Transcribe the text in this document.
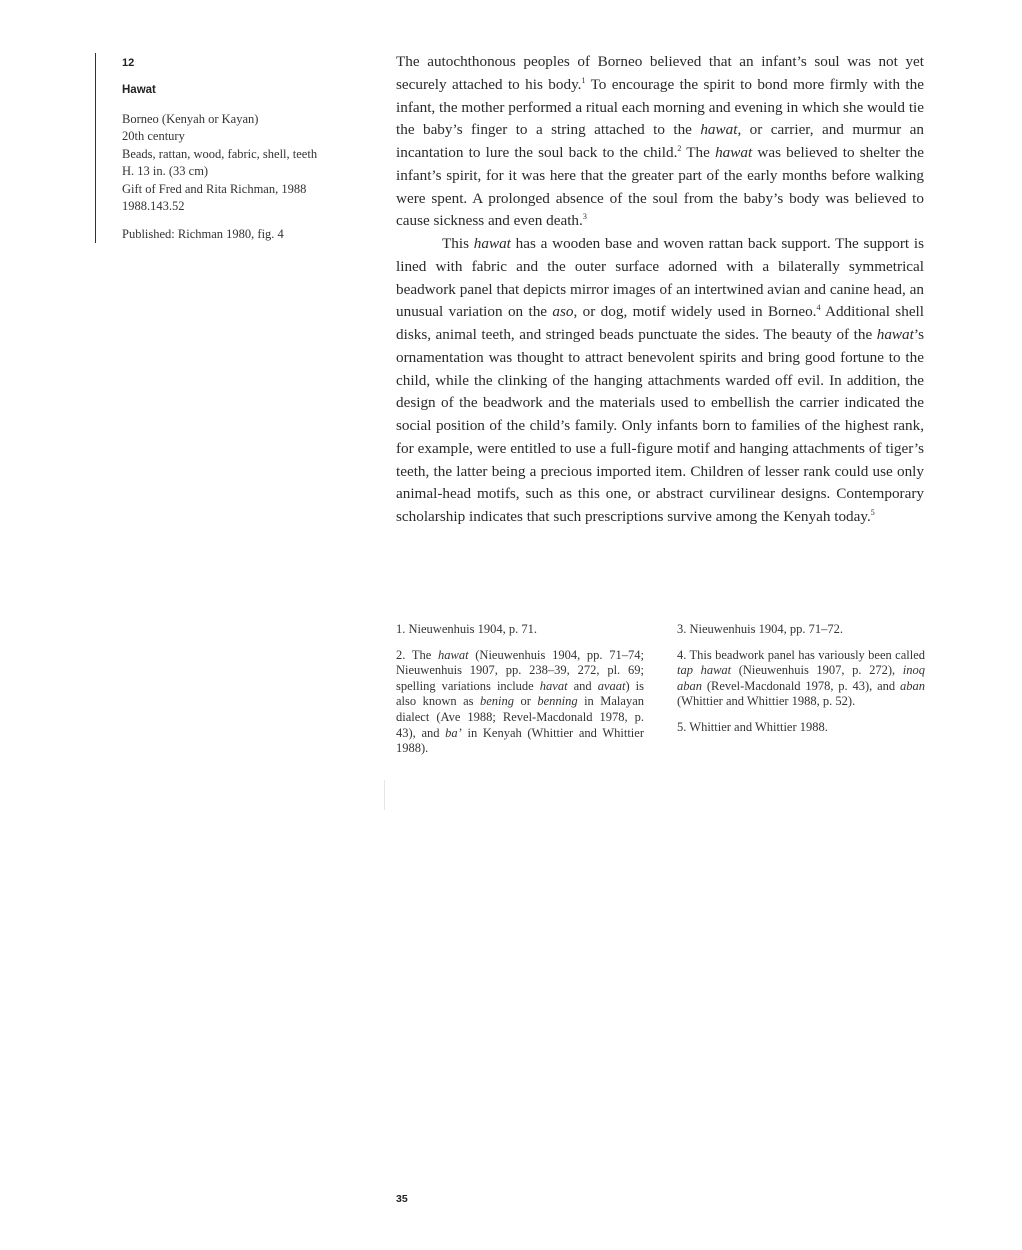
12
Hawat
Borneo (Kenyah or Kayan)
20th century
Beads, rattan, wood, fabric, shell, teeth
H. 13 in. (33 cm)
Gift of Fred and Rita Richman, 1988
1988.143.52
Published: Richman 1980, fig. 4

The autochthonous peoples of Borneo believed that an infant’s soul was not yet securely attached to his body.$^1$ To encourage the spirit to bond more firmly with the infant, the mother performed a ritual each morning and evening in which she would tie the baby’s finger to a string attached to the hawat, or carrier, and murmur an incantation to lure the soul back to the child.$^2$ The hawat was believed to shelter the infant’s spirit, for it was here that the greater part of the early months before walking were spent. A prolonged absence of the soul from the baby’s body was believed to cause sickness and even death.$^3$

This hawat has a wooden base and woven rattan back support. The support is lined with fabric and the outer surface adorned with a bilaterally symmetrical beadwork panel that depicts mirror images of an intertwined avian and canine head, an unusual variation on the aso, or dog, motif widely used in Borneo.$^4$ Additional shell disks, animal teeth, and stringed beads punctuate the sides. The beauty of the hawat’s ornamentation was thought to attract benevolent spirits and bring good fortune to the child, while the clinking of the hanging attachments warded off evil. In addition, the design of the beadwork and the materials used to embellish the carrier indicated the social position of the child’s family. Only infants born to families of the highest rank, for example, were entitled to use a full-figure motif and hanging attachments of tiger’s teeth, the latter being a precious imported item. Children of lesser rank could use only animal-head motifs, such as this one, or abstract curvilinear designs. Contemporary scholarship indicates that such prescriptions survive among the Kenyah today.$^5$

1. Nieuwenhuis 1904, p. 71.
2. The hawat (Nieuwenhuis 1904, pp. 71–74; Nieuwenhuis 1907, pp. 238–39, 272, pl. 69; spelling variations include havat and avaat) is also known as bening or benning in Malayan dialect (Ave 1988; Revel-Macdonald 1978, p. 43), and ba’ in Kenyah (Whittier and Whittier 1988).
3. Nieuwenhuis 1904, pp. 71–72.
4. This beadwork panel has variously been called tap hawat (Nieuwenhuis 1907, p. 272), inoq aban (Revel-Macdonald 1978, p. 43), and aban (Whittier and Whittier 1988, p. 52).
5. Whittier and Whittier 1988.
35
